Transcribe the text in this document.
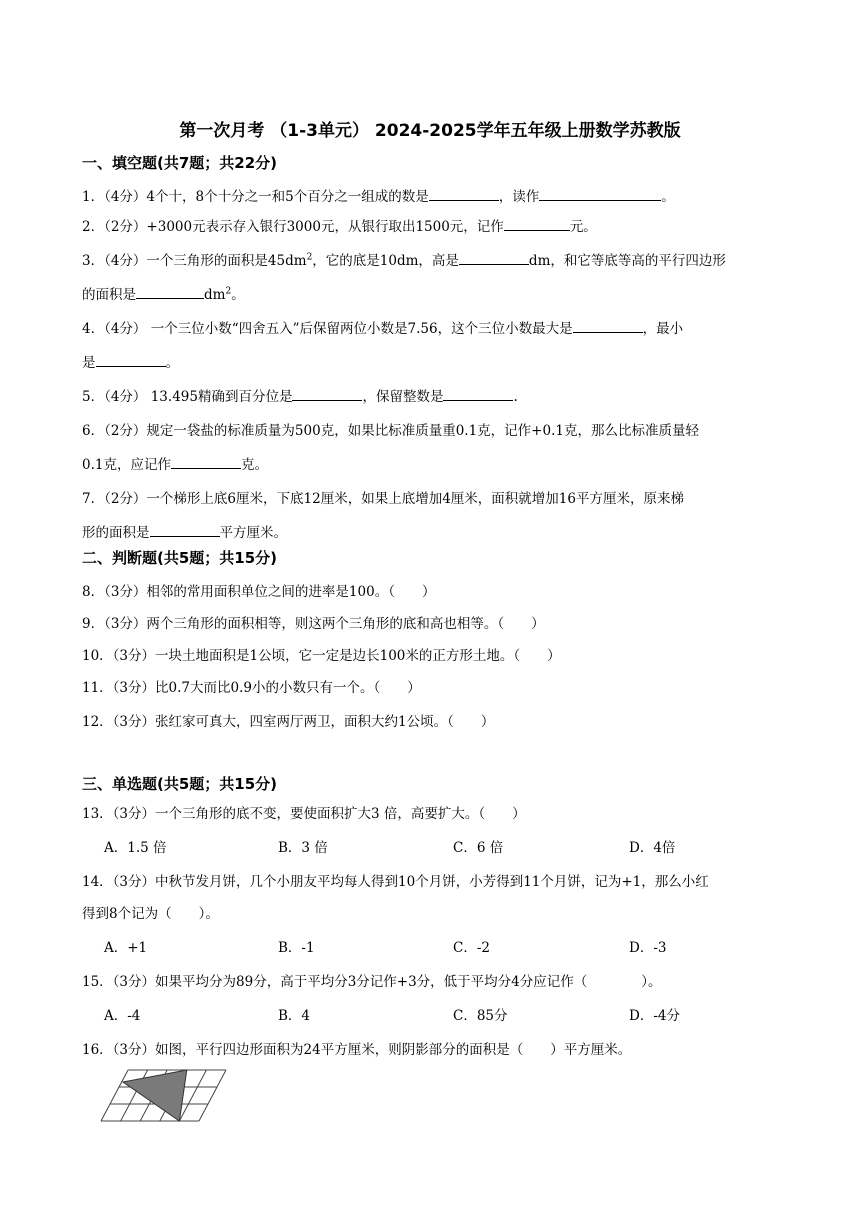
第一次月考 （1-3单元） 2024-2025学年五年级上册数学苏教版
一、填空题(共7题；共22分)
1．（4分）4个十，8个十分之一和5个百分之一组成的数是	，读作	。
2．（2分）+3000元表示存入银行3000元，从银行取出1500元，记作	元。
3．（4分）一个三角形的面积是$45dm^2$，它的底是10dm，高是	dm，和它等底等高的平行四边形
的面积是	$dm^2$。
4．（4分） 一个三位小数“四舍五入”后保留两位小数是7.56，这个三位小数最大是	，最小
是	。
5．（4分） 13.495精确到百分位是	，保留整数是	.
6．（2分）规定一袋盐的标准质量为500克，如果比标准质量重0.1克，记作+0.1克，那么比标准质量轻
0.1克，应记作	克。
7．（2分）一个梯形上底6厘米，下底12厘米，如果上底增加4厘米，面积就增加16平方厘米，原来梯
形的面积是	平方厘米。
二、判断题(共5题；共15分)
8．（3分）相邻的常用面积单位之间的进率是100。（　　）
9．（3分）两个三角形的面积相等，则这两个三角形的底和高也相等。（　　）
10．（3分）一块土地面积是1公顷，它一定是边长100米的正方形土地。（　　）
11．（3分）比0.7大而比0.9小的小数只有一个。（　　）
12．（3分）张红家可真大，四室两厅两卫，面积大约1公顷。（　　）
三、单选题(共5题；共15分)
13．（3分）一个三角形的底不变，要使面积扩大3 倍，高要扩大。（　　）
A．1.5 倍	B．3 倍	C．6 倍	D．4倍
14．（3分）中秋节发月饼，几个小朋友平均每人得到10个月饼，小芳得到11个月饼，记为+1，那么小红
得到8个记为（　　）。
A．+1	B．-1	C．-2	D．-3
15．（3分）如果平均分为89分，高于平均分3分记作+3分，低于平均分4分应记作（　　　　）。
A．-4	B．4	C．85分	D．-4分
16．（3分）如图，平行四边形面积为24平方厘米，则阴影部分的面积是（　　）平方厘米。
